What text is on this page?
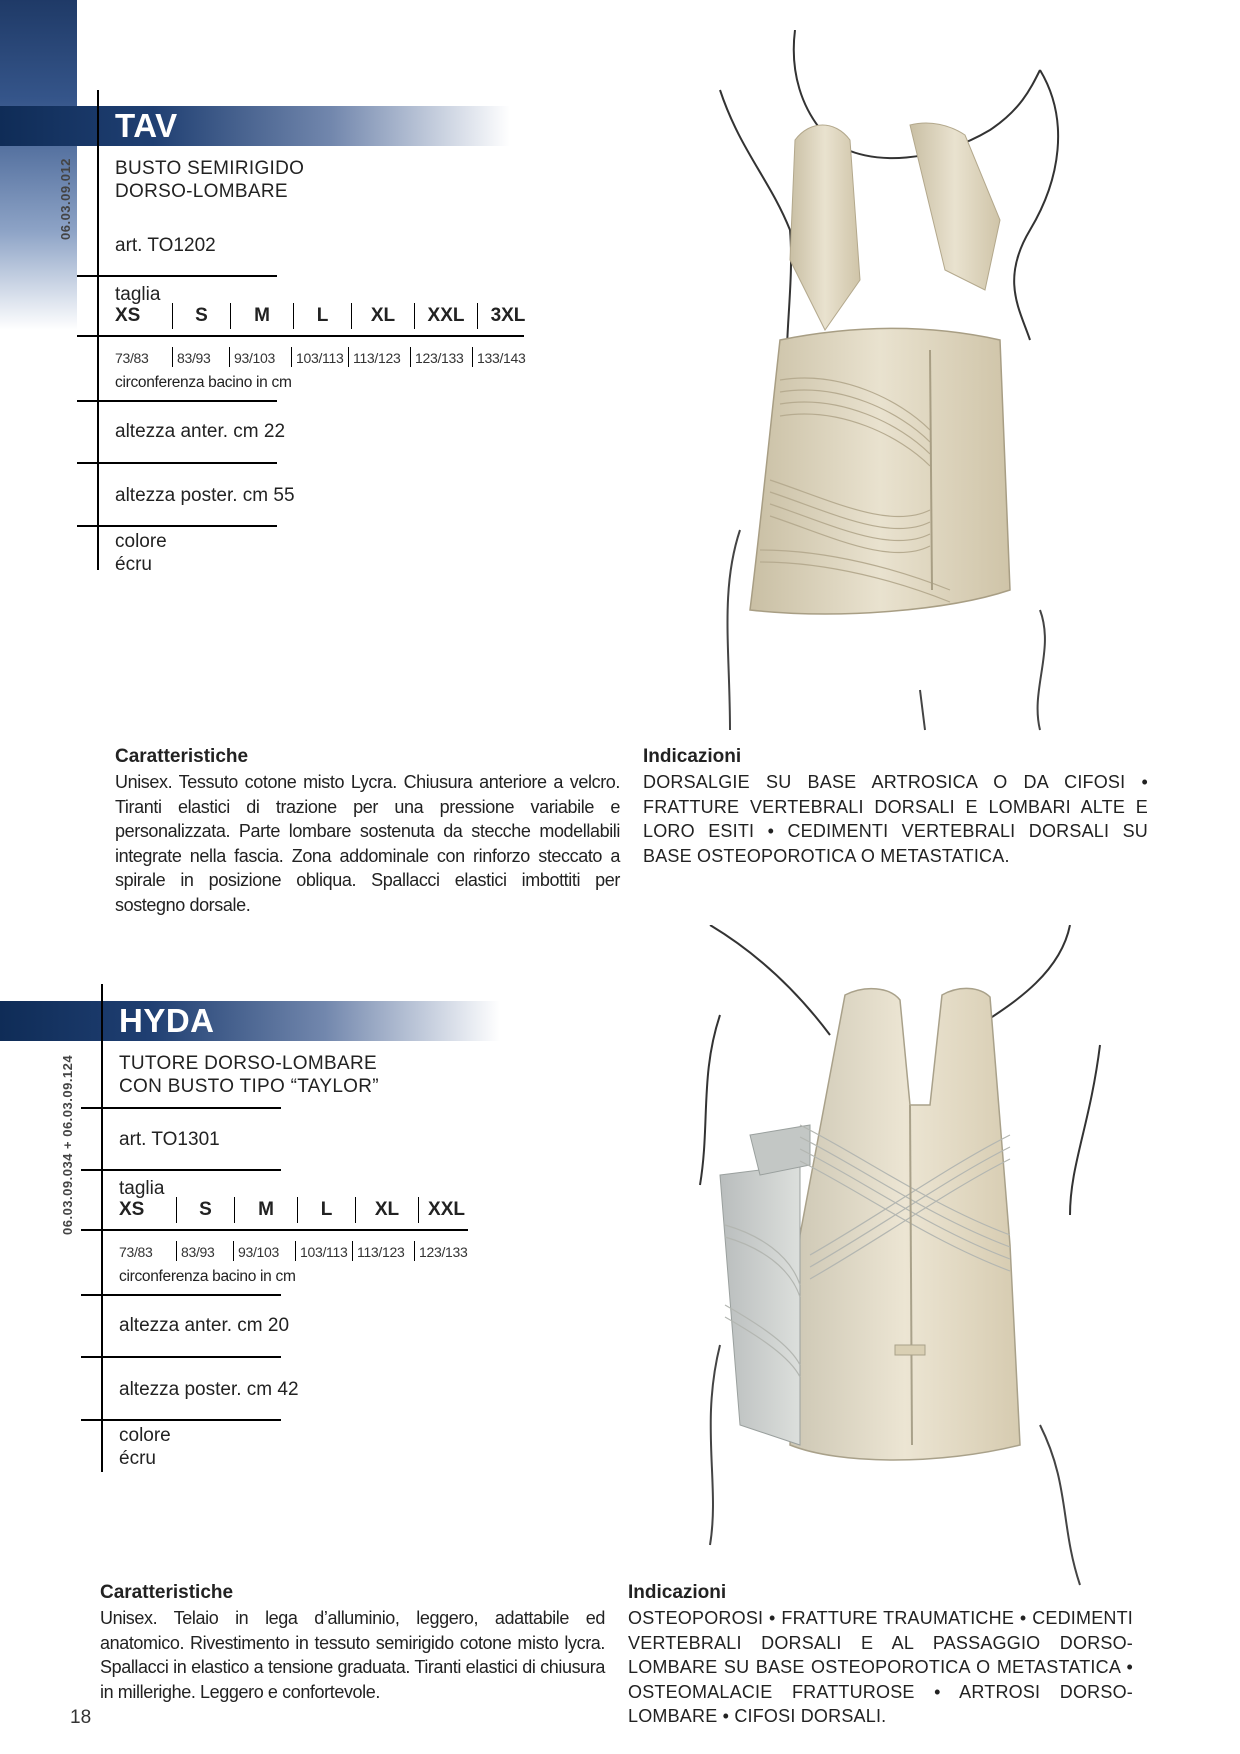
06.03.09.012
TAV
BUSTO SEMIRIGIDO
DORSO-LOMBARE
art. TO1202
taglia
XS	S	M	L	XL	XXL	3XL
73/83	83/93	93/103	103/113 113/123	123/133 133/143
circonferenza bacino in cm
altezza anter. cm 22
altezza poster. cm 55
colore
écru
Caratteristiche
Unisex. Tessuto cotone misto Lycra. Chiusura anteriore a velcro. Tiranti elastici di trazione per una pressione variabile e personalizzata. Parte lombare sostenuta da stecche modellabili integrate nella fascia. Zona addominale con rinforzo steccato a spirale in posizione obliqua. Spallacci elastici imbottiti per sostegno dorsale.
Indicazioni
DORSALGIE SU BASE ARTROSICA O DA CIFOSI • FRATTURE VERTEBRALI DORSALI E LOMBARI ALTE E LORO ESITI • CEDIMENTI VERTEBRALI DORSALI SU BASE OSTEOPOROTICA O METASTATICA.
06.03.09.034 + 06.03.09.124
HYDA
TUTORE DORSO-LOMBARE
CON BUSTO TIPO “TAYLOR”
art. TO1301
taglia
XS	S	M	L	XL	XXL
73/83	83/93	93/103	103/113 113/123	123/133
circonferenza bacino in cm
altezza anter. cm 20
altezza poster. cm 42
colore
écru
Caratteristiche
Unisex. Telaio in lega d’alluminio, leggero, adattabile ed anatomico. Rivestimento in tessuto semirigido cotone misto lycra. Spallacci in elastico a tensione graduata. Tiranti elastici di chiusura in millerighe. Leggero e confortevole.
Indicazioni
OSTEOPOROSI • FRATTURE TRAUMATICHE • CEDIMENTI VERTEBRALI DORSALI E AL PASSAGGIO DORSO-LOMBARE SU BASE OSTEOPOROTICA O METASTATICA • OSTEOMALACIE FRATTUROSE • ARTROSI DORSO-LOMBARE • CIFOSI DORSALI.
18
